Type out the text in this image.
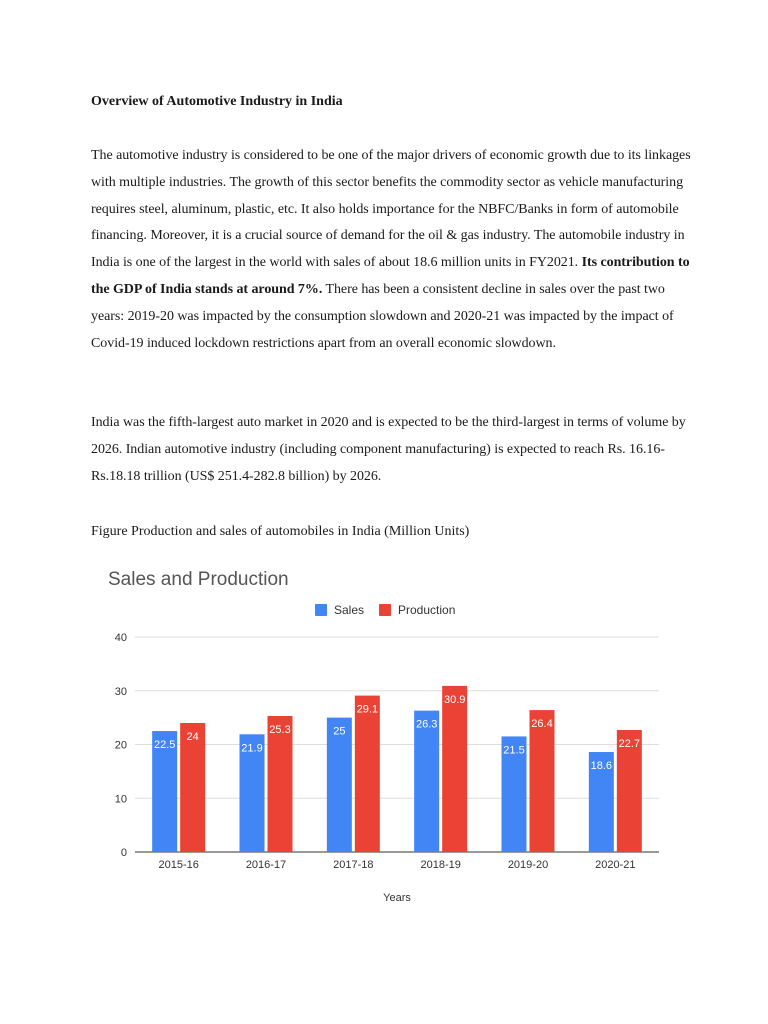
Overview of Automotive Industry in India

The automotive industry is considered to be one of the major drivers of economic growth due to its linkages with multiple industries. The growth of this sector benefits the commodity sector as vehicle manufacturing requires steel, aluminum, plastic, etc. It also holds importance for the NBFC/Banks in form of automobile financing. Moreover, it is a crucial source of demand for the oil & gas industry. The automobile industry in India is one of the largest in the world with sales of about 18.6 million units in FY2021. Its contribution to the GDP of India stands at around 7%. There has been a consistent decline in sales over the past two years: 2019-20 was impacted by the consumption slowdown and 2020-21 was impacted by the impact of Covid-19 induced lockdown restrictions apart from an overall economic slowdown.

India was the fifth-largest auto market in 2020 and is expected to be the third-largest in terms of volume by 2026. Indian automotive industry (including component manufacturing) is expected to reach Rs. 16.16- Rs.18.18 trillion (US$ 251.4-282.8 billion) by 2026.

Figure Production and sales of automobiles in India (Million Units)
Sales and Production
Sales	Production
0
10
20
30
40
22.5
24
2015-16
21.9
25.3
2016-17
25
29.1
2017-18
26.3
30.9
2018-19
21.5
26.4
2019-20
18.6
22.7
2020-21
Years
